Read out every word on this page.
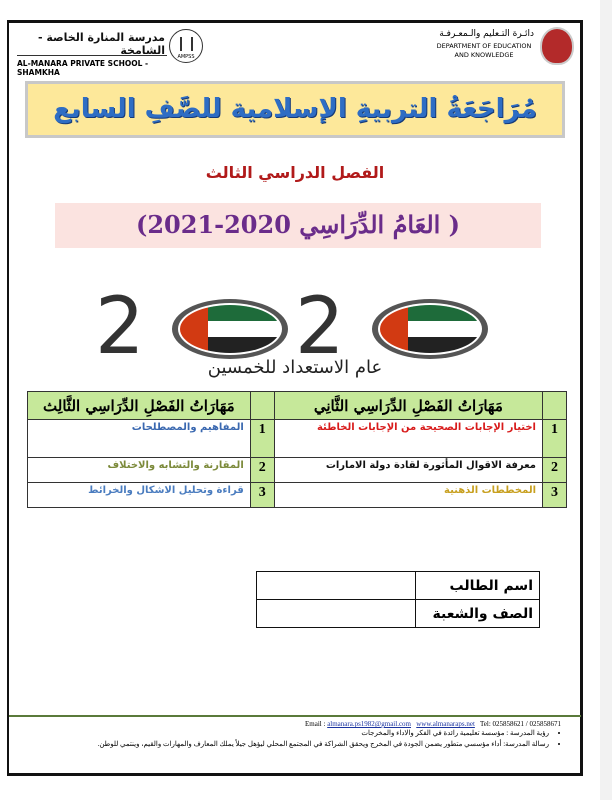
مدرسة المنارة الخاصة - الشامخة
AL-MANARA PRIVATE SCHOOL - SHAMKHA
AMPSS
دائـرة التـعليم والـمعـرفـة
DEPARTMENT OF EDUCATION
AND KNOWLEDGE
مُرَاجَعَةُ التربيةِ الإسلامية للصَّفِ السابع
الفصل الدراسي الثالث
( العَامُ الدِّرَاسِي 2020-2021)
2 2
عام الاستعداد للخمسين
	مَهَارَاتُ الفَصْلِ الدِّرَاسِي الثَّانِي		مَهَارَاتُ الفَصْلِ الدِّرَاسِي الثَّالِث
1	اختيار الإجابات الصحيحة من الإجابات الخاطئة	1	المفاهيم والمصطلحات
2	معرفة الاقوال المأثورة لقادة دولة الامارات	2	المقارنة والتشابه والاختلاف
3	المخططات الذهنية	3	قراءة وتحليل الاشكال والخرائط
اسم الطالب	
الصف والشعبة	
Email : almanara.ps1982@gmail.com www.almanaraps.net Tel: 025858621 / 025858671
• رؤية المدرسة : مؤسسة تعليمية رائدة في الفكر والاداء والمخرجات
• رسالة المدرسة: أداء مؤسسي متطور يضمن الجودة في المخرج ويحقق الشراكة في المجتمع المحلي ليؤهل جيلاً يملك المعارف والمهارات والقيم، وينتمي للوطن.
